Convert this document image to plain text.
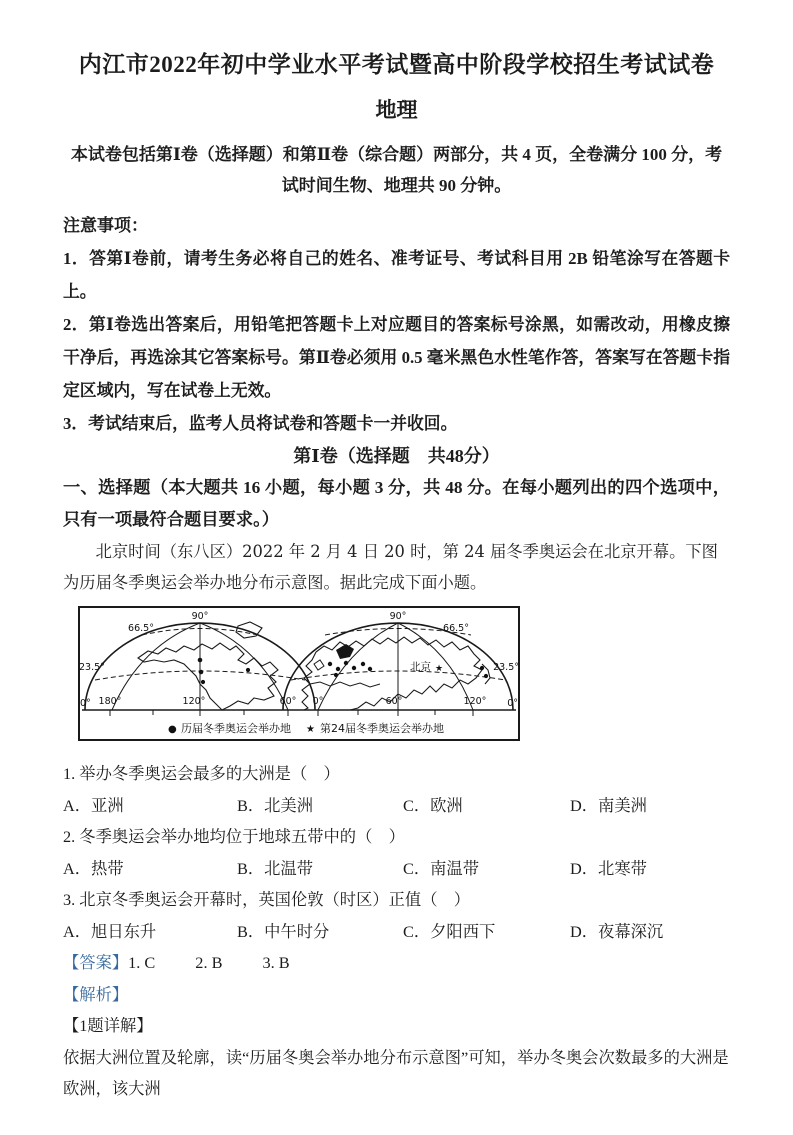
内江市2022年初中学业水平考试暨高中阶段学校招生考试试卷
地理

本试卷包括第Ⅰ卷（选择题）和第Ⅱ卷（综合题）两部分，共 4 页，全卷满分 100 分，考试时间生物、地理共 90 分钟。

注意事项：

1．答第Ⅰ卷前，请考生务必将自己的姓名、准考证号、考试科目用 2B 铅笔涂写在答题卡上。

2．第Ⅰ卷选出答案后，用铅笔把答题卡上对应题目的答案标号涂黑，如需改动，用橡皮擦干净后，再选涂其它答案标号。第Ⅱ卷必须用 0.5 毫米黑色水性笔作答，答案写在答题卡指定区域内，写在试卷上无效。

3．考试结束后，监考人员将试卷和答题卡一并收回。

第Ⅰ卷（选择题　共48分）

一、选择题（本大题共 16 小题，每小题 3 分，共 48 分。在每小题列出的四个选项中，只有一项最符合题目要求。）

北京时间（东八区）2022 年 2 月 4 日 20 时，第 24 届冬季奥运会在北京开幕。下图为历届冬季奥运会举办地分布示意图。据此完成下面小题。

北京 ★
90°
66.5°
23.5°
0° 180°	120°	60°
90°
66.5°
23.5°
0°
0°	60°	120°
● 历届冬季奥运会举办地 ★ 第24届冬季奥运会举办地

1. 举办冬季奥运会最多的大洲是（　）

A．亚洲	B．北美洲	C．欧洲	D．南美洲

2. 冬季奥运会举办地均位于地球五带中的（　）

A．热带	B．北温带	C．南温带	D．北寒带

3. 北京冬季奥运会开幕时，英国伦敦（时区）正值（　）

A．旭日东升	B．中午时分	C．夕阳西下	D．夜幕深沉
【答案】 1. C 2. B 3. B

【解析】

【1题详解】

依据大洲位置及轮廓，读“历届冬奥会举办地分布示意图”可知，举办冬奥会次数最多的大洲是欧洲，该大洲
